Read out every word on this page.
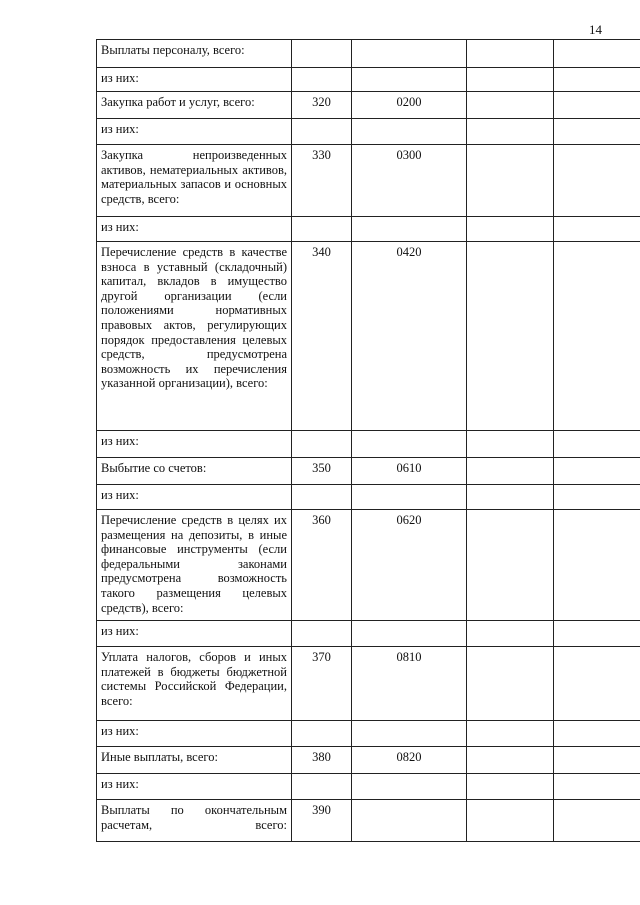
14
Выплаты персоналу, всего:				
из них:				
Закупка работ и услуг, всего:	320	0200		
из них:				
Закупка непроизведенных активов, нематериальных активов, материальных запасов и основных средств, всего:	330	0300		
из них:				
Перечисление средств в качестве взноса в уставный (складочный) капитал, вкладов в имущество другой организации (если положениями нормативных правовых актов, регулирующих порядок предоставления целевых средств, предусмотрена возможность их перечисления указанной организации), всего:	340	0420		
из них:				
Выбытие со счетов:	350	0610		
из них:				
Перечисление средств в целях их размещения на депозиты, в иные финансовые инструменты (если федеральными законами предусмотрена возможность такого размещения целевых средств), всего:	360	0620		
из них:				
Уплата налогов, сборов и иных платежей в бюджеты бюджетной системы Российской Федерации, всего:	370	0810		
из них:				
Иные выплаты, всего:	380	0820		
из них:				
Выплаты по окончательным расчетам, всего:	390			
